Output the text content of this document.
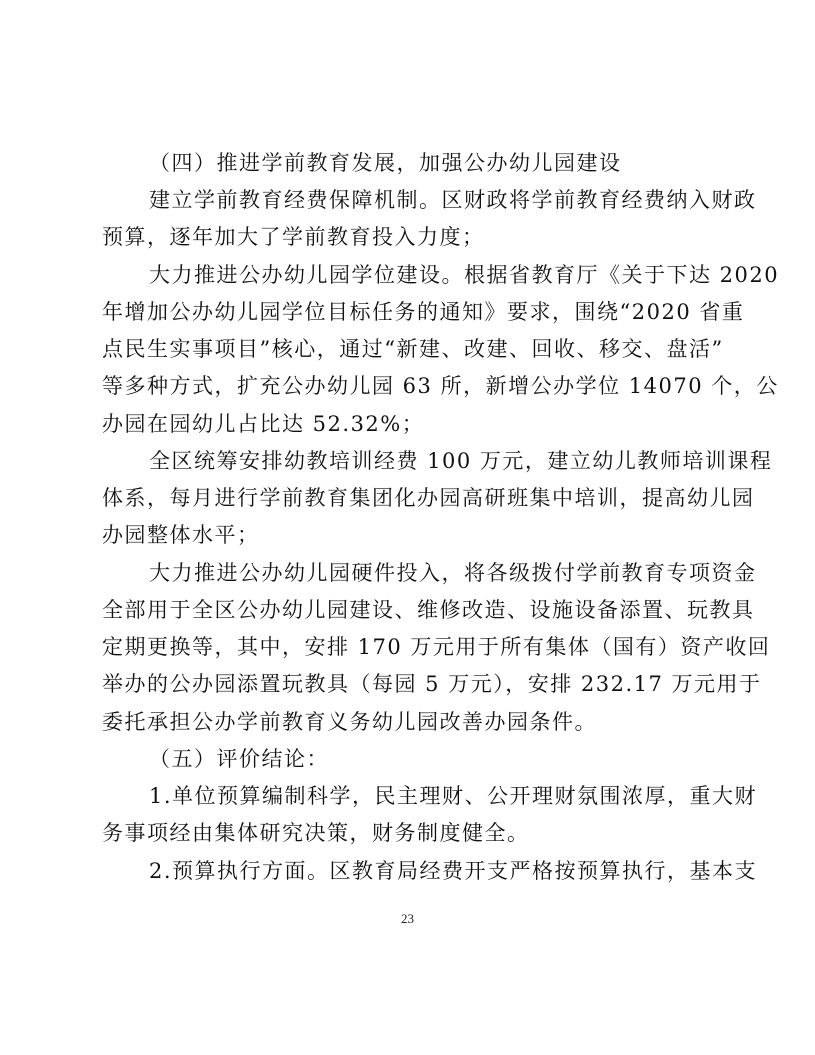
（四）推进学前教育发展，加强公办幼儿园建设
建立学前教育经费保障机制。区财政将学前教育经费纳入财政
预算，逐年加大了学前教育投入力度；
大力推进公办幼儿园学位建设。根据省教育厅《关于下达 2020
年增加公办幼儿园学位目标任务的通知》要求，围绕“2020 省重
点民生实事项目”核心，通过“新建、改建、回收、移交、盘活”
等多种方式，扩充公办幼儿园 63 所，新增公办学位 14070 个，公
办园在园幼儿占比达 52.32%；
全区统筹安排幼教培训经费 100 万元，建立幼儿教师培训课程
体系，每月进行学前教育集团化办园高研班集中培训，提高幼儿园
办园整体水平；
大力推进公办幼儿园硬件投入，将各级拨付学前教育专项资金
全部用于全区公办幼儿园建设、维修改造、设施设备添置、玩教具
定期更换等，其中，安排 170 万元用于所有集体（国有）资产收回
举办的公办园添置玩教具（每园 5 万元），安排 232.17 万元用于
委托承担公办学前教育义务幼儿园改善办园条件。
（五）评价结论：
1.单位预算编制科学，民主理财、公开理财氛围浓厚，重大财
务事项经由集体研究决策，财务制度健全。
2.预算执行方面。区教育局经费开支严格按预算执行，基本支
23
